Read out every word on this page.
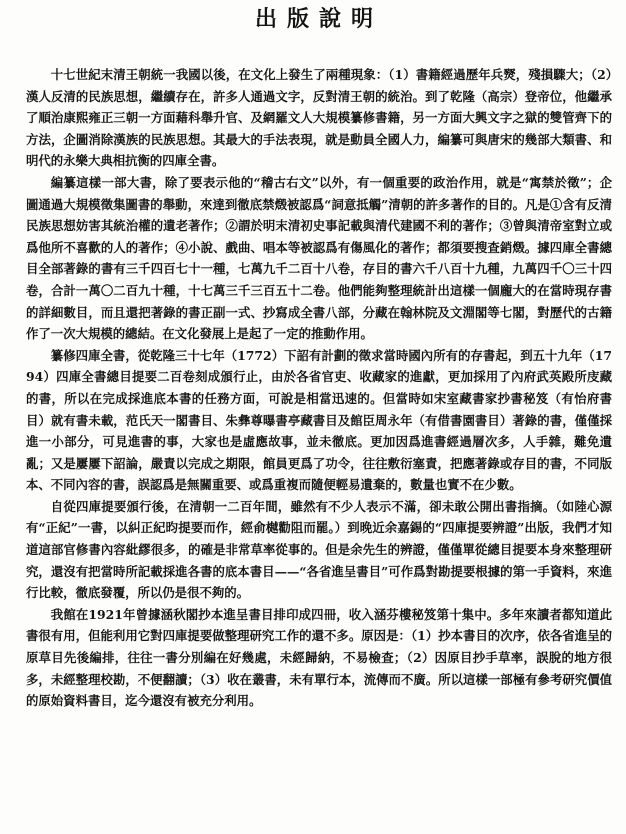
出版說明

十七世紀末清王朝統一我國以後，在文化上發生了兩種現象：（1）書籍經過歷年兵燹，殘損驟大；（2）漢人反清的民族思想，繼續存在，許多人通過文字，反對清王朝的統治。到了乾隆（高宗）登帝位，他繼承了順治康熙雍正三朝一方面藉科舉升官、及網羅文人大規模纂修書籍，另一方面大興文字之獄的雙管齊下的方法，企圖消除漢族的民族思想。其最大的手法表現，就是動員全國人力，編纂可與唐宋的幾部大類書、和明代的永樂大典相抗衡的四庫全書。

編纂這樣一部大書，除了要表示他的“稽古右文”以外，有一個重要的政治作用，就是“寓禁於徵”；企圖通過大規模徵集圖書的舉動，來達到徹底禁燬被認爲“詞意抵觸”清朝的許多著作的目的。凡是①含有反清民族思想妨害其統治權的遺老著作；②謂於明末清初史事記載與清代建國不利的著作；③曾與清帝室對立或爲他所不喜歡的人的著作；④小說、戲曲、唱本等被認爲有傷風化的著作；都須要搜查銷燬。據四庫全書總目全部著錄的書有三千四百七十一種，七萬九千二百十八卷，存目的書六千八百十九種，九萬四千〇三十四卷，合計一萬〇二百九十種，十七萬三千三百五十二卷。他們能夠整理統計出這樣一個龐大的在當時現存書的詳細數目，而且還把著錄的書正副一式、抄寫成全書八部，分藏在翰林院及文淵閣等七閣，對歷代的古籍作了一次大規模的總結。在文化發展上是起了一定的推動作用。

纂修四庫全書，從乾隆三十七年（1772）下詔有計劃的徵求當時國內所有的存書起，到五十九年（1794）四庫全書總目提要二百卷刻成頒行止，由於各省官吏、收藏家的進獻，更加採用了內府武英殿所庋藏的書，所以在完成採進底本書的任務方面，可說是相當迅速的。但當時如宋室藏書家抄書秘笈（有怡府書目）就有書未載，范氏天一閣書目、朱彝尊曝書亭藏書目及館臣周永年（有借書園書目）著錄的書，僅僅採進一小部分，可見進書的事，大家也是虛應故事，並未徹底。更加因爲進書經過層次多，人手雜，難免遺亂；又是屢屢下詔論，嚴責以完成之期限，館員更爲了功令，往往敷衍塞責，把應著錄或存目的書，不同版本、不同內容的書，誤認爲是無關重要、或爲重複而隨便輕易遺棄的，數量也實不在少數。

自從四庫提要頒行後，在清朝一二百年間，雖然有不少人表示不滿，卻未敢公開出書指摘。（如陸心源有“正紀”一書，以糾正紀昀提要而作，經俞樾勸阻而罷。）到晚近余嘉錫的“四庫提要辨證”出版，我們才知道這部官修書內容紕繆很多，的確是非常草率從事的。但是余先生的辨證，僅僅單從總目提要本身來整理研究，還沒有把當時所記載採進各書的底本書目——“各省進呈書目”可作爲對勘提要根據的第一手資料，來進行比較，徹底發覆，所以仍是很不夠的。

我館在1921年曾據涵秋閣抄本進呈書目排印成四冊，收入涵芬樓秘笈第十集中。多年來讀者都知道此書很有用，但能利用它對四庫提要做整理研究工作的還不多。原因是：（1）抄本書目的次序，依各省進呈的原草目先後編排，往往一書分別編在好幾處，未經歸納，不易檢查；（2）因原目抄手草率，誤脫的地方很多，未經整理校勘，不便翻讀；（3）收在叢書，未有單行本，流傳而不廣。所以這樣一部極有參考研究價值的原始資料書目，迄今還沒有被充分利用。
